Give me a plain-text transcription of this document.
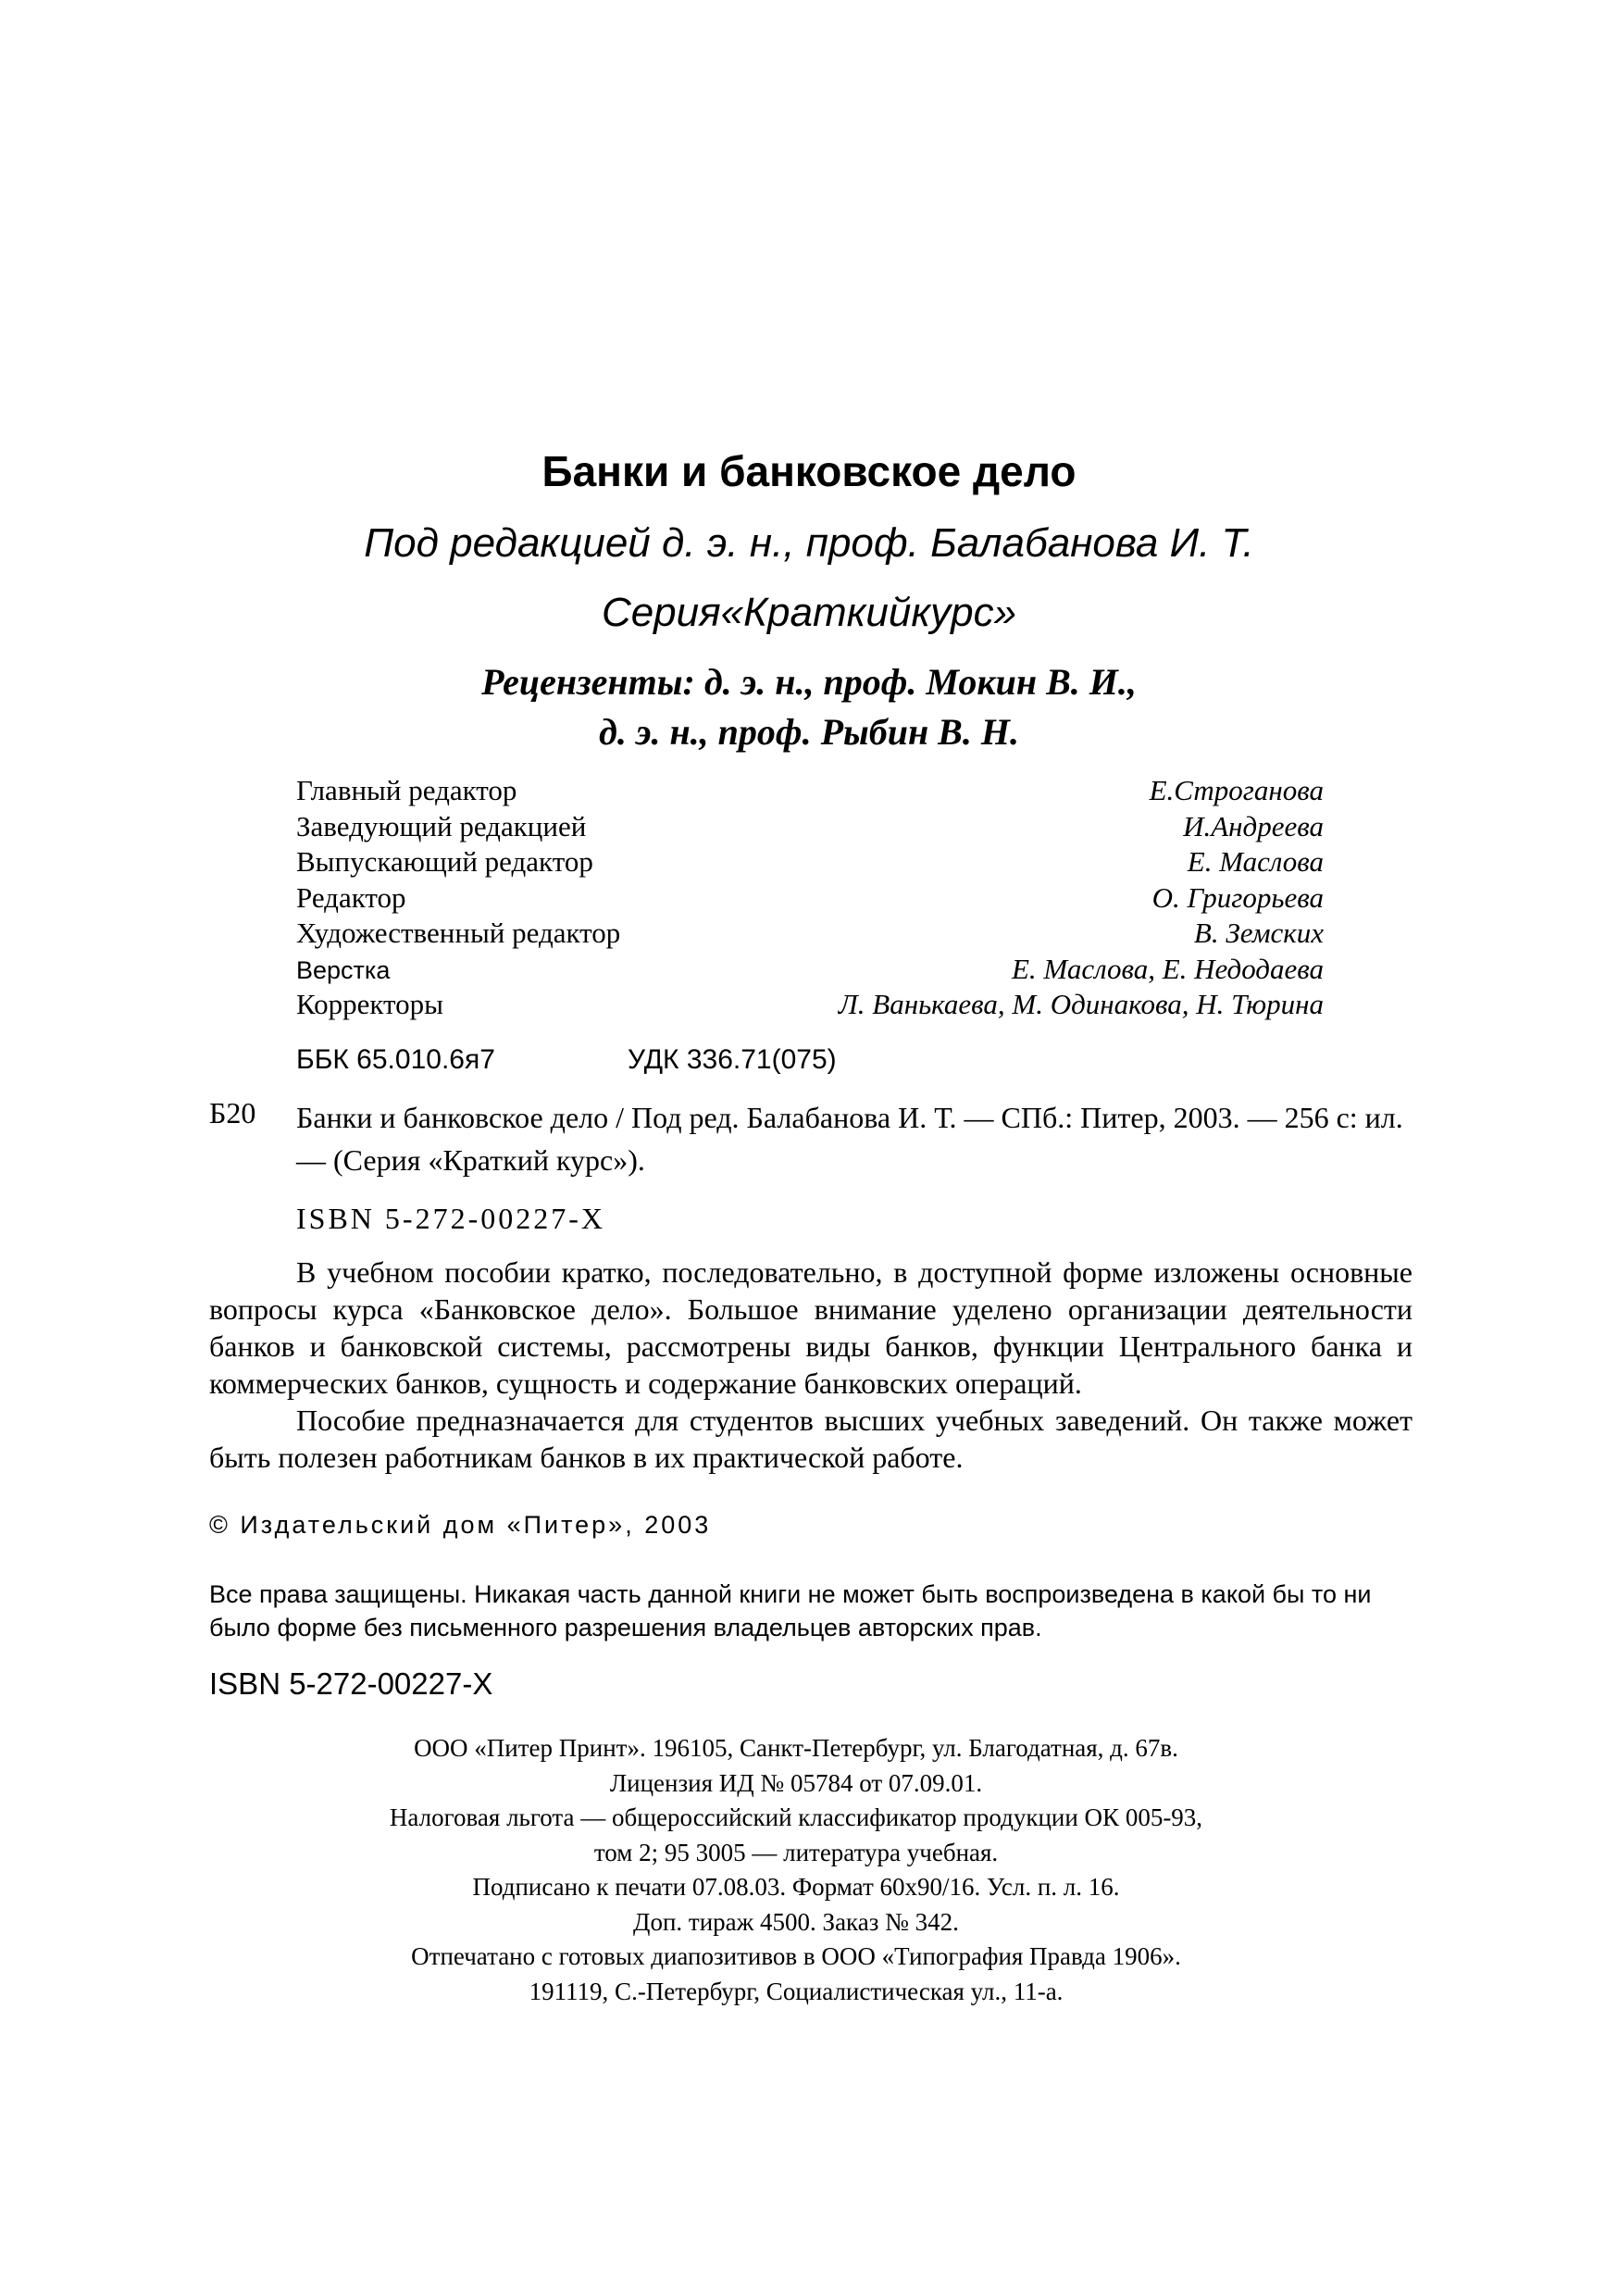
Банки и банковское дело
Под редакцией д. э. н., проф. Балабанова И. Т.
Серия«Краткийкурс»
Рецензенты: д. э. н., проф. Мокин В. И.,
д. э. н., проф. Рыбин В. Н.
Главный редактор	Е.Строганова
Заведующий редакцией	И.Андреева
Выпускающий редактор	Е. Маслова
Редактор	О. Григорьева
Художественный редактор	В. Земских
Верстка	Е. Маслова, Е. Недодаева
Корректоры	Л. Ванькаева, М. Одинакова, Н. Тюрина
ББК 65.010.6я7	УДК 336.71(075)
Б20 Банки и банковское дело / Под ред. Балабанова И. Т. — СПб.: Питер, 2003. — 256 с: ил. — (Серия «Краткий курс»).
ISBN 5-272-00227-X

В учебном пособии кратко, последовательно, в доступной форме изложены основные вопросы курса «Банковское дело». Большое внимание уделено организации деятельности банков и банковской системы, рассмотрены виды банков, функции Центрального банка и коммерческих банков, сущность и содержание банковских операций.

Пособие предназначается для студентов высших учебных заведений. Он также может быть полезен работникам банков в их практической работе.

© Издательский дом «Питер», 2003
Все права защищены. Никакая часть данной книги не может быть воспроизведена в какой бы то ни было форме без письменного разрешения владельцев авторских прав.
ISBN 5-272-00227-X
ООО «Питер Принт». 196105, Санкт-Петербург, ул. Благодатная, д. 67в.
Лицензия ИД № 05784 от 07.09.01.
Налоговая льгота — общероссийский классификатор продукции ОК 005-93,
том 2; 95 3005 — литература учебная.
Подписано к печати 07.08.03. Формат 60х90/16. Усл. п. л. 16.
Доп. тираж 4500. Заказ № 342.
Отпечатано с готовых диапозитивов в ООО «Типография Правда 1906».
191119, С.-Петербург, Социалистическая ул., 11-а.
